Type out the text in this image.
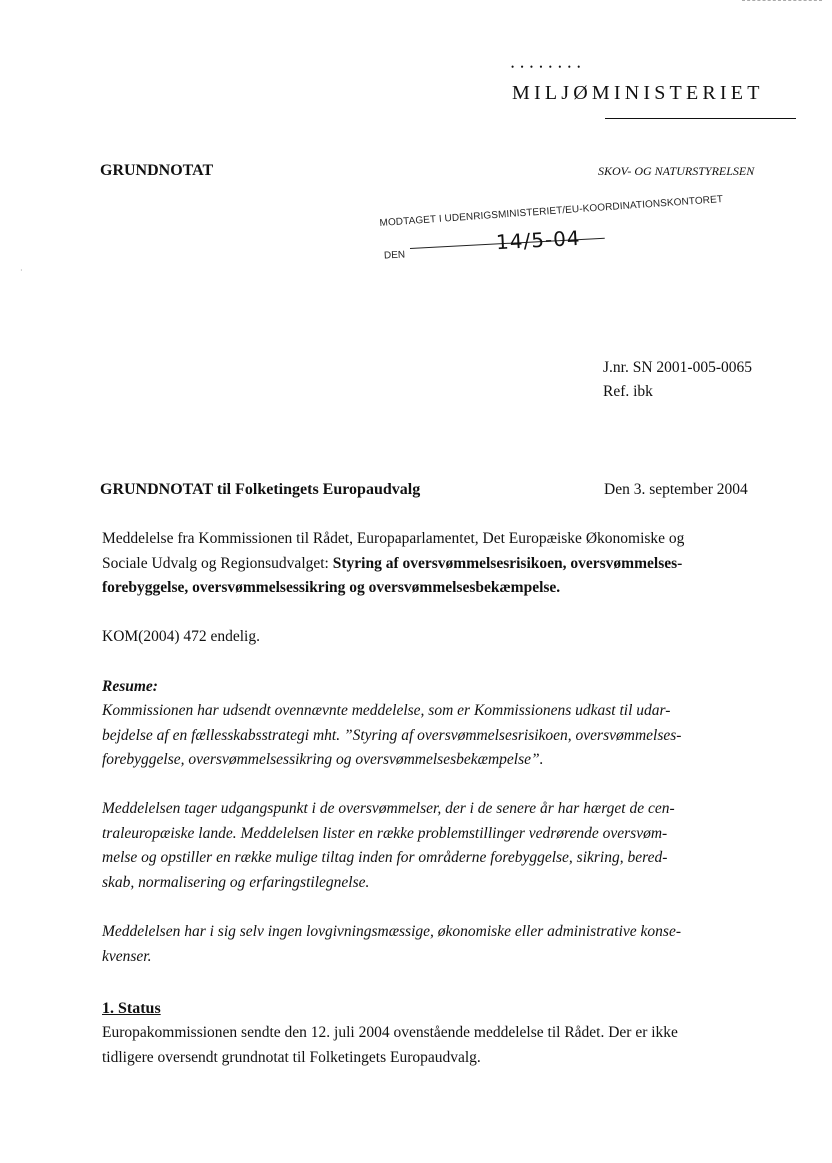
••••••••
MILJØMINISTERIET
GRUNDNOTAT	SKOV- OG NATURSTYRELSEN
MODTAGET I UDENRIGSMINISTERIET/EU-KOORDINATIONSKONTORET
DEN
14/5-04
·
J.nr. SN 2001-005-0065
Ref. ibk
GRUNDNOTAT til Folketingets Europaudvalg	Den 3. september 2004
Meddelelse fra Kommissionen til Rådet, Europaparlamentet, Det Europæiske Økonomiske og
Sociale Udvalg og Regionsudvalget: Styring af oversvømmelsesrisikoen, oversvømmelses-
forebyggelse, oversvømmelsessikring og oversvømmelsesbekæmpelse.
KOM(2004) 472 endelig.
Resume:
Kommissionen har udsendt ovennævnte meddelelse, som er Kommissionens udkast til udar-
bejdelse af en fællesskabsstrategi mht. ”Styring af oversvømmelsesrisikoen, oversvømmelses-
forebyggelse, oversvømmelsessikring og oversvømmelsesbekæmpelse”.
Meddelelsen tager udgangspunkt i de oversvømmelser, der i de senere år har hærget de cen-
traleuropæiske lande. Meddelelsen lister en række problemstillinger vedrørende oversvøm-
melse og opstiller en række mulige tiltag inden for områderne forebyggelse, sikring, bered-
skab, normalisering og erfaringstilegnelse.
Meddelelsen har i sig selv ingen lovgivningsmæssige, økonomiske eller administrative konse-
kvenser.
1. Status
Europakommissionen sendte den 12. juli 2004 ovenstående meddelelse til Rådet. Der er ikke
tidligere oversendt grundnotat til Folketingets Europaudvalg.
